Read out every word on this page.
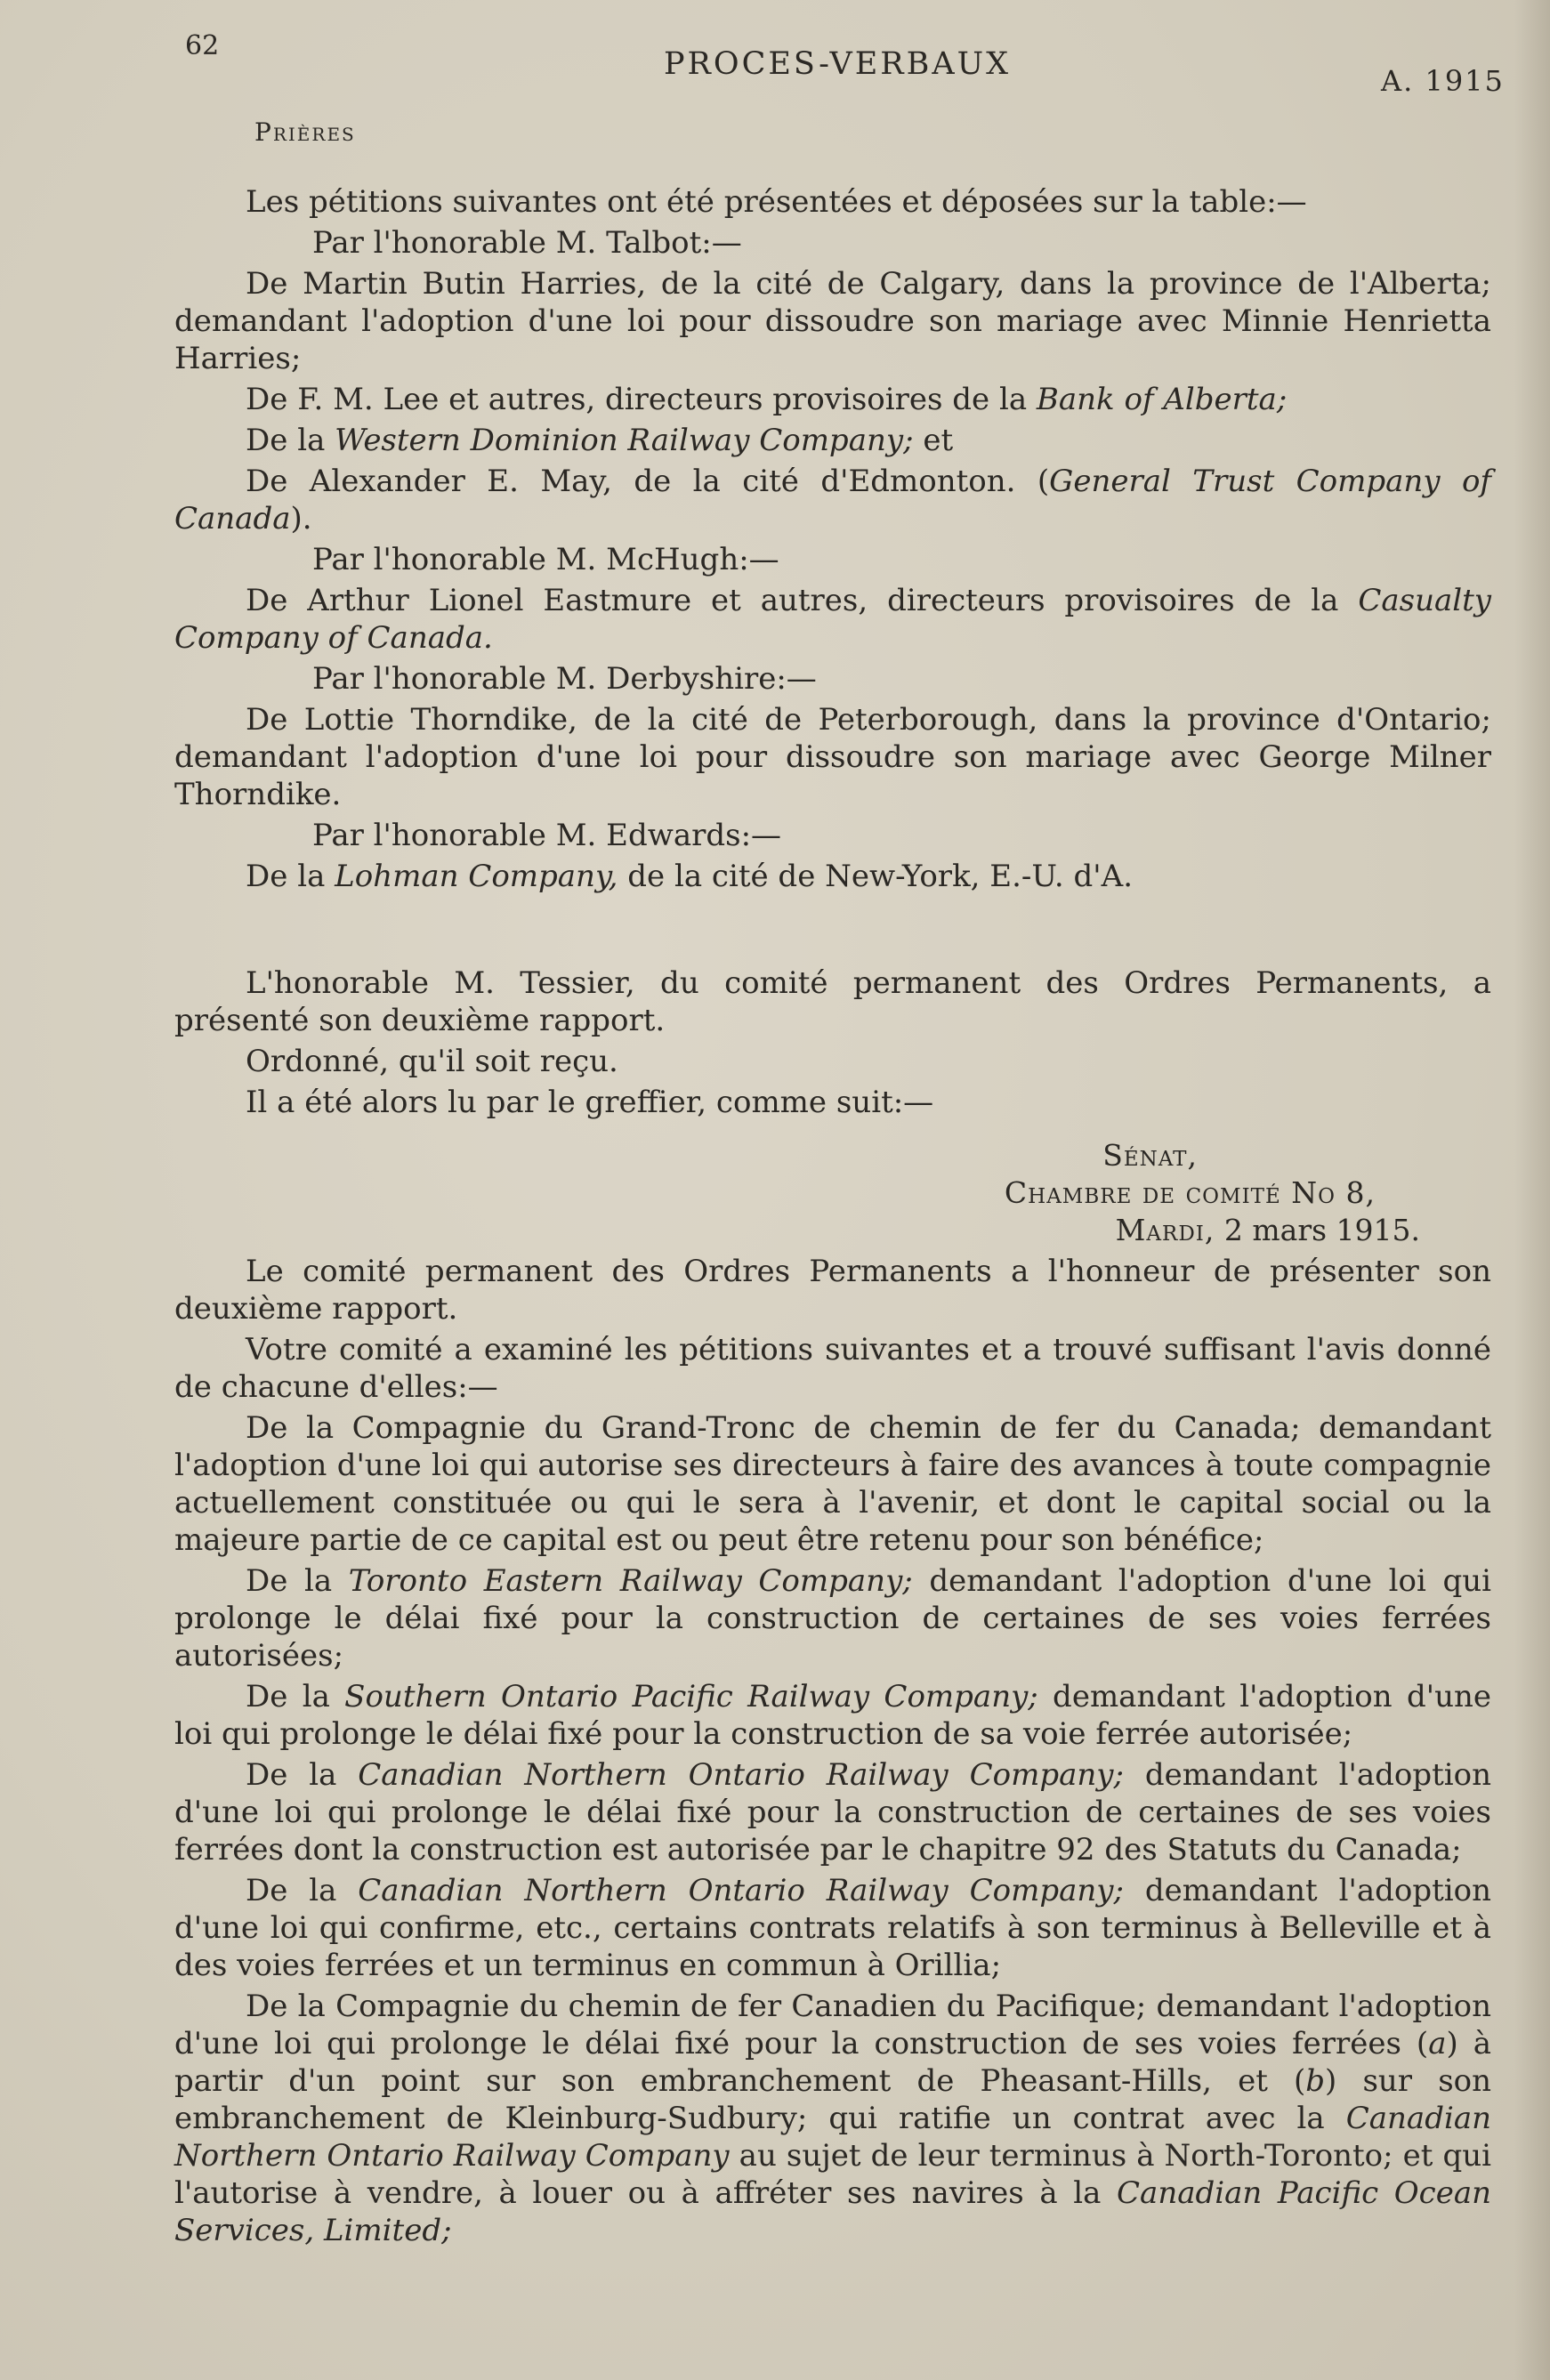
62
PROCES-VERBAUX	A. 1915
Prières

Les pétitions suivantes ont été présentées et déposées sur la table:—

Par l'honorable M. Talbot:—

De Martin Butin Harries, de la cité de Calgary, dans la province de l'Alberta; demandant l'adoption d'une loi pour dissoudre son mariage avec Minnie Henrietta Harries;

De F. M. Lee et autres, directeurs provisoires de la Bank of Alberta;

De la Western Dominion Railway Company; et

De Alexander E. May, de la cité d'Edmonton. (General Trust Company of Canada).

Par l'honorable M. McHugh:—

De Arthur Lionel Eastmure et autres, directeurs provisoires de la Casualty Company of Canada.

Par l'honorable M. Derbyshire:—

De Lottie Thorndike, de la cité de Peterborough, dans la province d'Ontario; demandant l'adoption d'une loi pour dissoudre son mariage avec George Milner Thorndike.

Par l'honorable M. Edwards:—

De la Lohman Company, de la cité de New-York, E.-U. d'A.

L'honorable M. Tessier, du comité permanent des Ordres Permanents, a présenté son deuxième rapport.

Ordonné, qu'il soit reçu.

Il a été alors lu par le greffier, comme suit:—

Sénat,
Chambre de comité No 8,
Mardi, 2 mars 1915.

Le comité permanent des Ordres Permanents a l'honneur de présenter son deuxième rapport.

Votre comité a examiné les pétitions suivantes et a trouvé suffisant l'avis donné de chacune d'elles:—

De la Compagnie du Grand-Tronc de chemin de fer du Canada; demandant l'adoption d'une loi qui autorise ses directeurs à faire des avances à toute compagnie actuellement constituée ou qui le sera à l'avenir, et dont le capital social ou la majeure partie de ce capital est ou peut être retenu pour son bénéfice;

De la Toronto Eastern Railway Company; demandant l'adoption d'une loi qui prolonge le délai fixé pour la construction de certaines de ses voies ferrées autorisées;

De la Southern Ontario Pacific Railway Company; demandant l'adoption d'une loi qui prolonge le délai fixé pour la construction de sa voie ferrée autorisée;

De la Canadian Northern Ontario Railway Company; demandant l'adoption d'une loi qui prolonge le délai fixé pour la construction de certaines de ses voies ferrées dont la construction est autorisée par le chapitre 92 des Statuts du Canada;

De la Canadian Northern Ontario Railway Company; demandant l'adoption d'une loi qui confirme, etc., certains contrats relatifs à son terminus à Belleville et à des voies ferrées et un terminus en commun à Orillia;

De la Compagnie du chemin de fer Canadien du Pacifique; demandant l'adoption d'une loi qui prolonge le délai fixé pour la construction de ses voies ferrées (a) à partir d'un point sur son embranchement de Pheasant-Hills, et (b) sur son embranchement de Kleinburg-Sudbury; qui ratifie un contrat avec la Canadian Northern Ontario Railway Company au sujet de leur terminus à North-Toronto; et qui l'autorise à vendre, à louer ou à affréter ses navires à la Canadian Pacific Ocean Services, Limited;
